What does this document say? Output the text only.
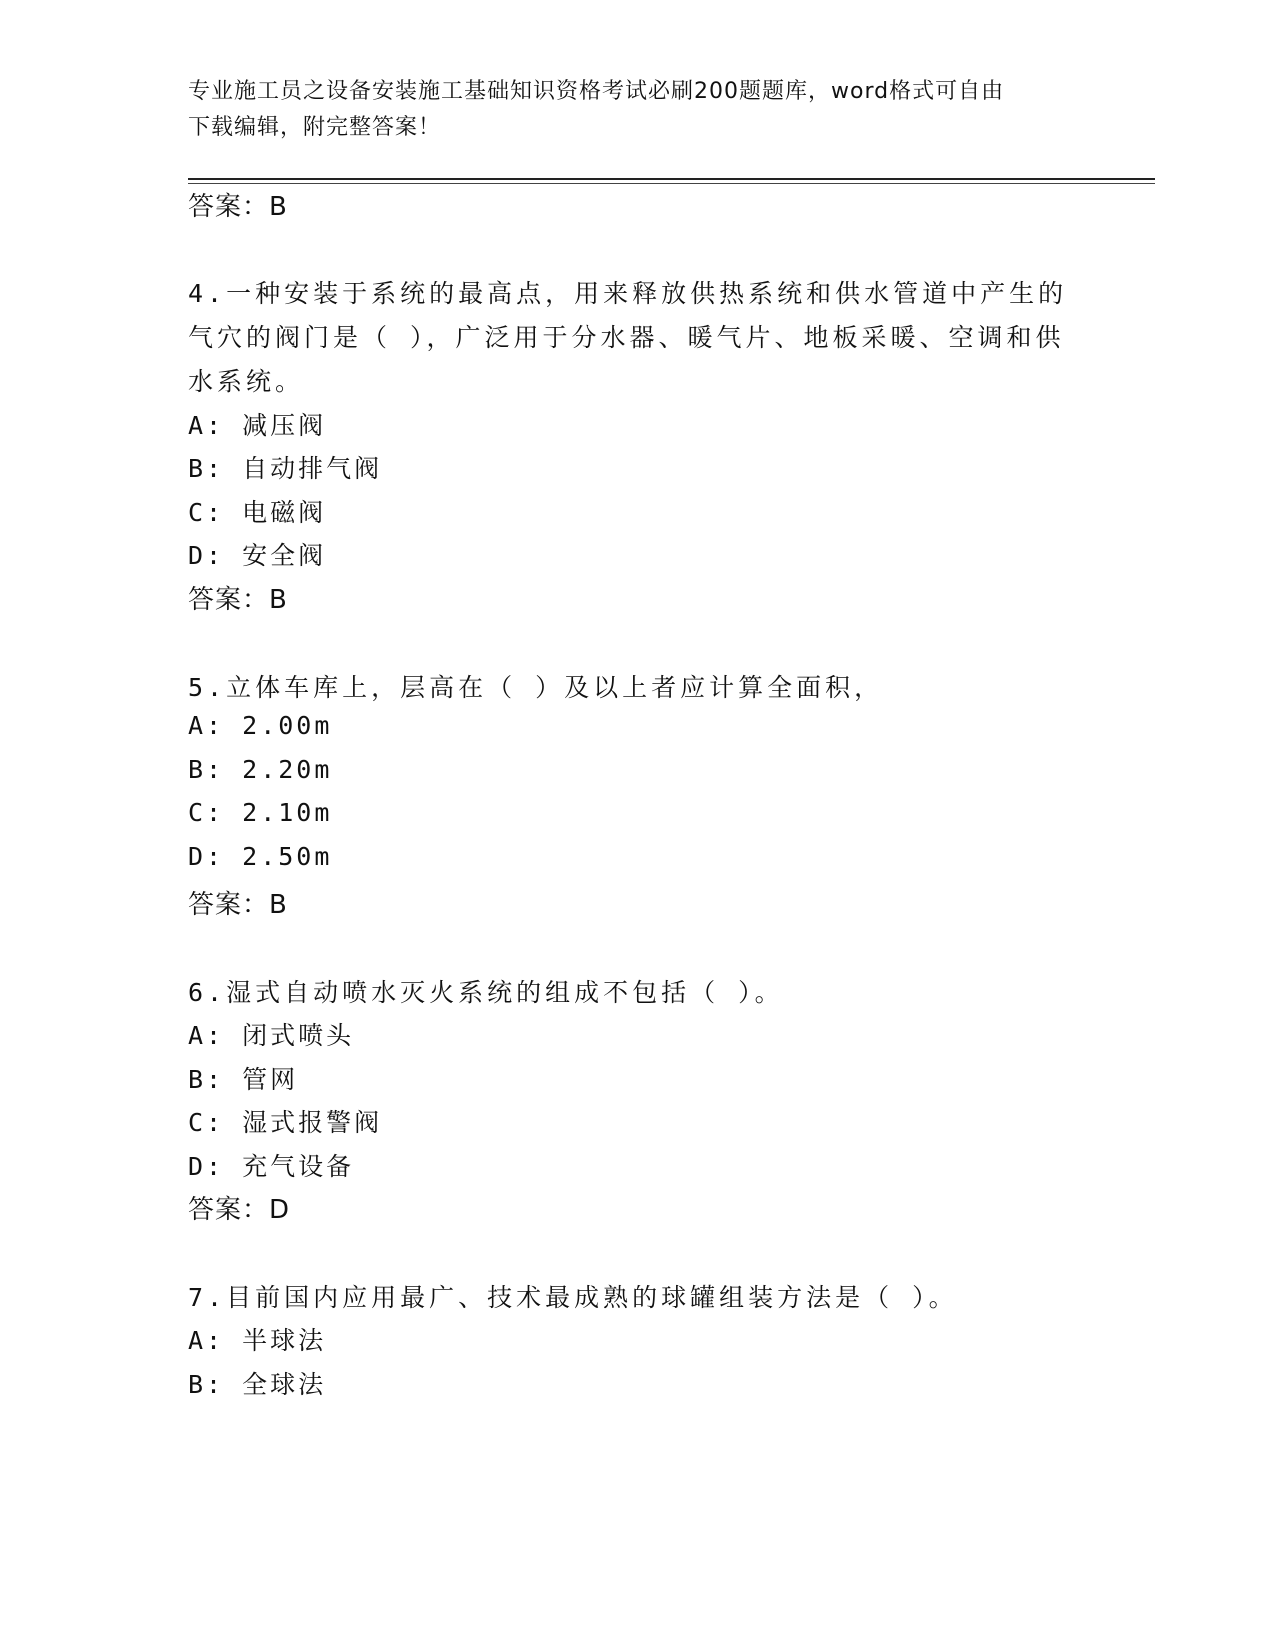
专业施工员之设备安装施工基础知识资格考试必刷200题题库，word格式可自由
下载编辑，附完整答案！
答案：B
4.一种安装于系统的最高点，用来释放供热系统和供水管道中产生的
气穴的阀门是（ ），广泛用于分水器、暖气片、地板采暖、空调和供
水系统。
A: 减压阀
B: 自动排气阀
C: 电磁阀
D: 安全阀
答案：B
5.立体车库上，层高在（ ）及以上者应计算全面积，
A: 2.00m
B: 2.20m
C: 2.10m
D: 2.50m
答案：B
6.湿式自动喷水灭火系统的组成不包括（ ）。
A: 闭式喷头
B: 管网
C: 湿式报警阀
D: 充气设备
答案：D
7.目前国内应用最广、技术最成熟的球罐组装方法是（ ）。
A: 半球法
B: 全球法
